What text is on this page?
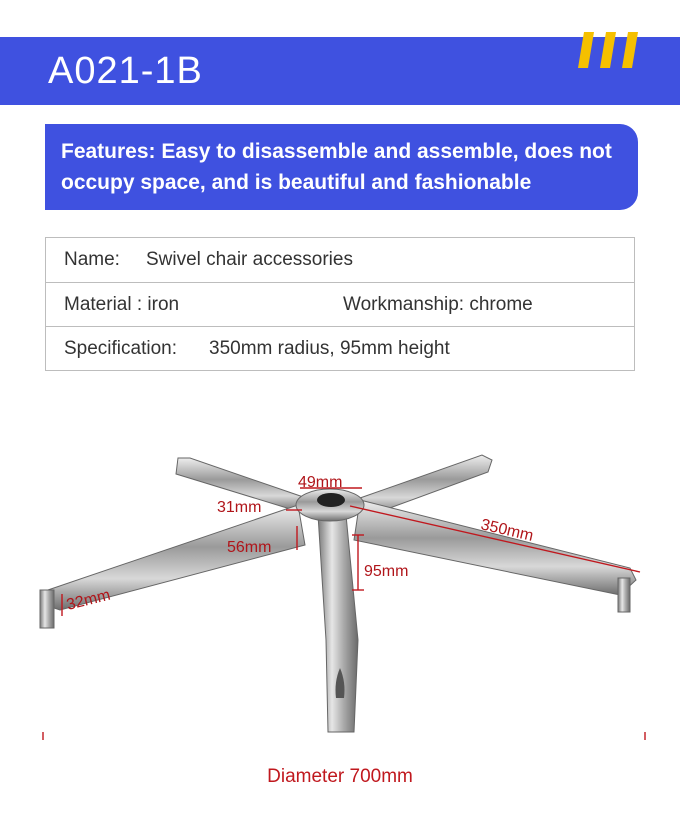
A021-1B
Features: Easy to disassemble and assemble, does not occupy space, and is beautiful and fashionable
Name: Swivel chair accessories
Material : iron	Workmanship: chrome
Specification: 350mm radius, 95mm height
49mm
31mm
56mm
32mm
350mm
95mm
Diameter 700mm
